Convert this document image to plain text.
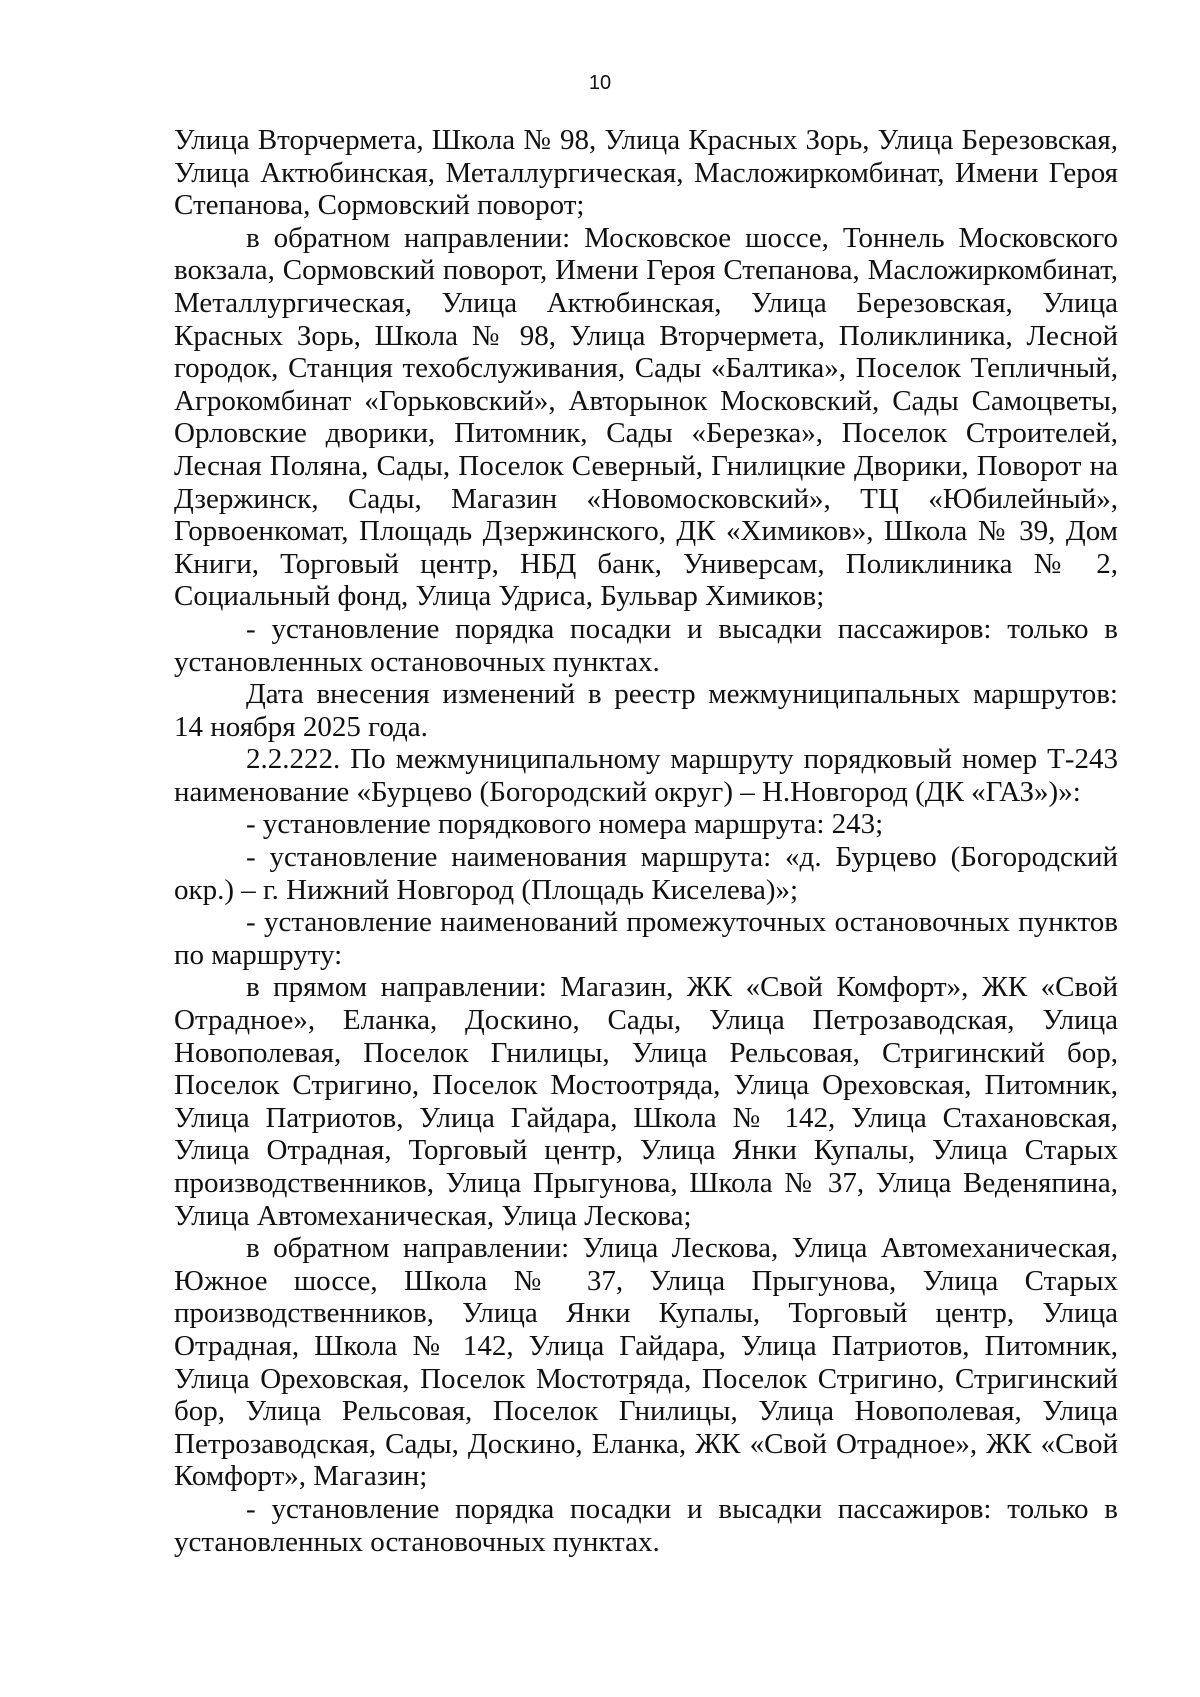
10

Улица Вторчермета, Школа № 98, Улица Красных Зорь, Улица Березовская, Улица Актюбинская, Металлургическая, Масложиркомбинат, Имени Героя Степанова, Сормовский поворот;

в обратном направлении: Московское шоссе, Тоннель Московского вокзала, Сормовский поворот, Имени Героя Степанова, Масложиркомбинат, Металлургическая, Улица Актюбинская, Улица Березовская, Улица Красных Зорь, Школа № 98, Улица Вторчермета, Поликлиника, Лесной городок, Станция техобслуживания, Сады «Балтика», Поселок Тепличный, Агрокомбинат «Горьковский», Авторынок Московский, Сады Самоцветы, Орловские дворики, Питомник, Сады «Березка», Поселок Строителей, Лесная Поляна, Сады, Поселок Северный, Гнилицкие Дворики, Поворот на Дзержинск, Сады, Магазин «Новомосковский», ТЦ «Юбилейный», Горвоенкомат, Площадь Дзержинского, ДК «Химиков», Школа № 39, Дом Книги, Торговый центр, НБД банк, Универсам, Поликлиника № 2, Социальный фонд, Улица Удриса, Бульвар Химиков;

- установление порядка посадки и высадки пассажиров: только в установленных остановочных пунктах.

Дата внесения изменений в реестр межмуниципальных маршрутов: 14 ноября 2025 года.

2.2.222. По межмуниципальному маршруту порядковый номер Т-243 наименование «Бурцево (Богородский округ) – Н.Новгород (ДК «ГАЗ»)»:

- установление порядкового номера маршрута: 243;

- установление наименования маршрута: «д. Бурцево (Богородский окр.) – г. Нижний Новгород (Площадь Киселева)»;

- установление наименований промежуточных остановочных пунктов по маршруту:

в прямом направлении: Магазин, ЖК «Свой Комфорт», ЖК «Свой Отрадное», Еланка, Доскино, Сады, Улица Петрозаводская, Улица Новополевая, Поселок Гнилицы, Улица Рельсовая, Стригинский бор, Поселок Стригино, Поселок Мостоотряда, Улица Ореховская, Питомник, Улица Патриотов, Улица Гайдара, Школа № 142, Улица Стахановская, Улица Отрадная, Торговый центр, Улица Янки Купалы, Улица Старых производственников, Улица Прыгунова, Школа № 37, Улица Веденяпина, Улица Автомеханическая, Улица Лескова;

в обратном направлении: Улица Лескова, Улица Автомеханическая, Южное шоссе, Школа № 37, Улица Прыгунова, Улица Старых производственников, Улица Янки Купалы, Торговый центр, Улица Отрадная, Школа № 142, Улица Гайдара, Улица Патриотов, Питомник, Улица Ореховская, Поселок Мостотряда, Поселок Стригино, Стригинский бор, Улица Рельсовая, Поселок Гнилицы, Улица Новополевая, Улица Петрозаводская, Сады, Доскино, Еланка, ЖК «Свой Отрадное», ЖК «Свой Комфорт», Магазин;

- установление порядка посадки и высадки пассажиров: только в установленных остановочных пунктах.
